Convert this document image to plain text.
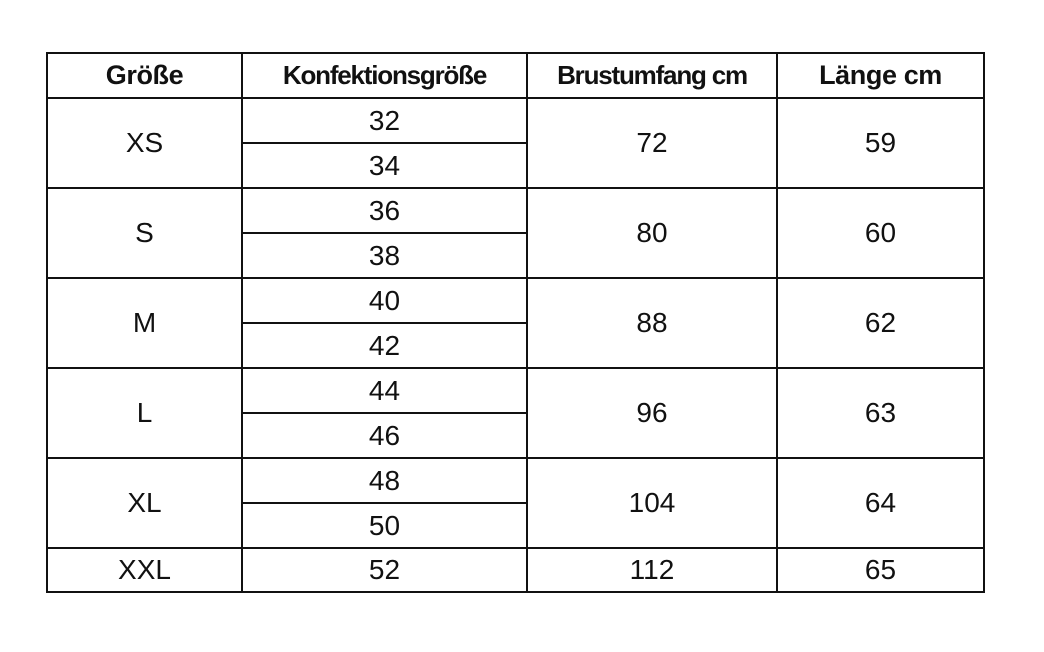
Größe	Konfektionsgröße	Brustumfang cm	Länge cm
XS	32	72	59
	34		
S	36	80	60
	38		
M	40	88	62
	42		
L	44	96	63
	46		
XL	48	104	64
	50		
XXL	52	112	65
